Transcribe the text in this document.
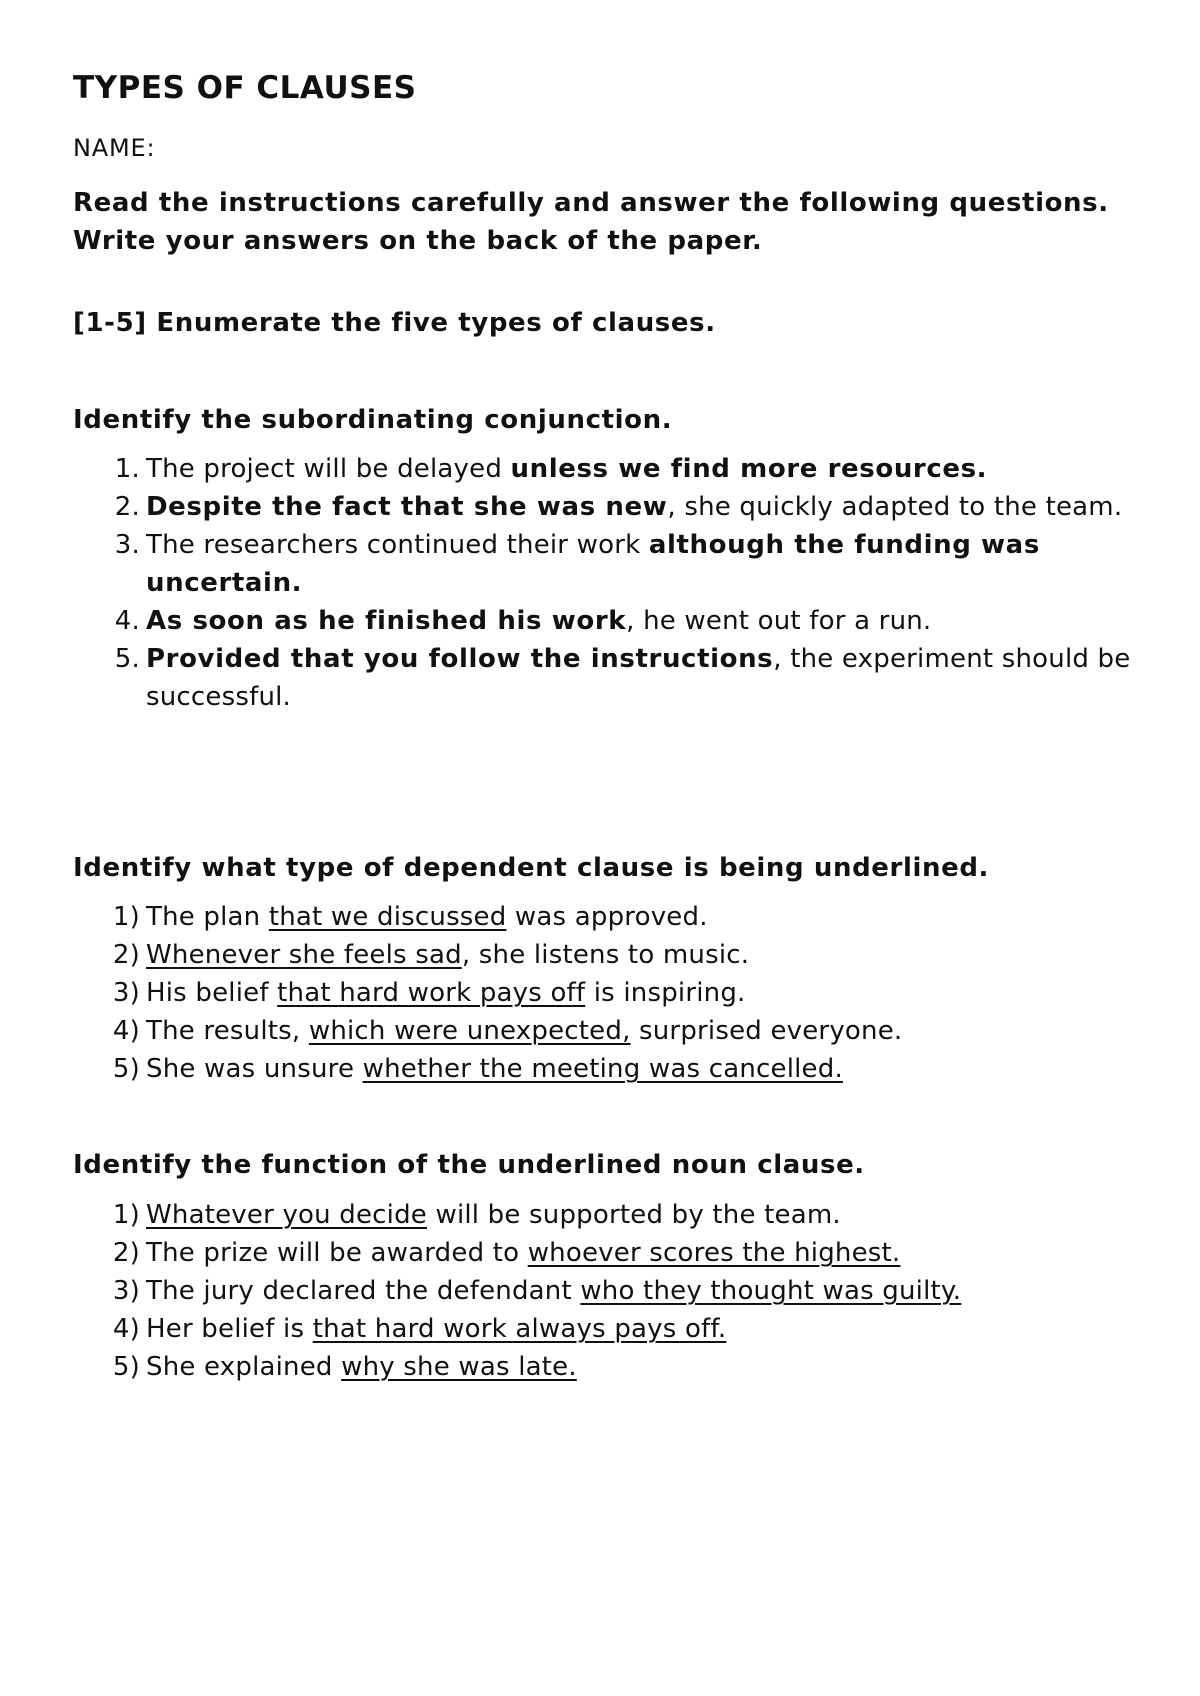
TYPES OF CLAUSES
NAME:

Read the instructions carefully and answer the following questions. Write your answers on the back of the paper.

[1-5] Enumerate the five types of clauses.
Identify the subordinating conjunction.
1. The project will be delayed unless we find more resources.
2. Despite the fact that she was new, she quickly adapted to the team.
3. The researchers continued their work although the funding was uncertain.
4. As soon as he finished his work, he went out for a run.
5. Provided that you follow the instructions, the experiment should be successful.
Identify what type of dependent clause is being underlined.
1) The plan that we discussed was approved.
2) Whenever she feels sad, she listens to music.
3) His belief that hard work pays off is inspiring.
4) The results, which were unexpected, surprised everyone.
5) She was unsure whether the meeting was cancelled.
Identify the function of the underlined noun clause.
1) Whatever you decide will be supported by the team.
2) The prize will be awarded to whoever scores the highest.
3) The jury declared the defendant who they thought was guilty.
4) Her belief is that hard work always pays off.
5) She explained why she was late.
